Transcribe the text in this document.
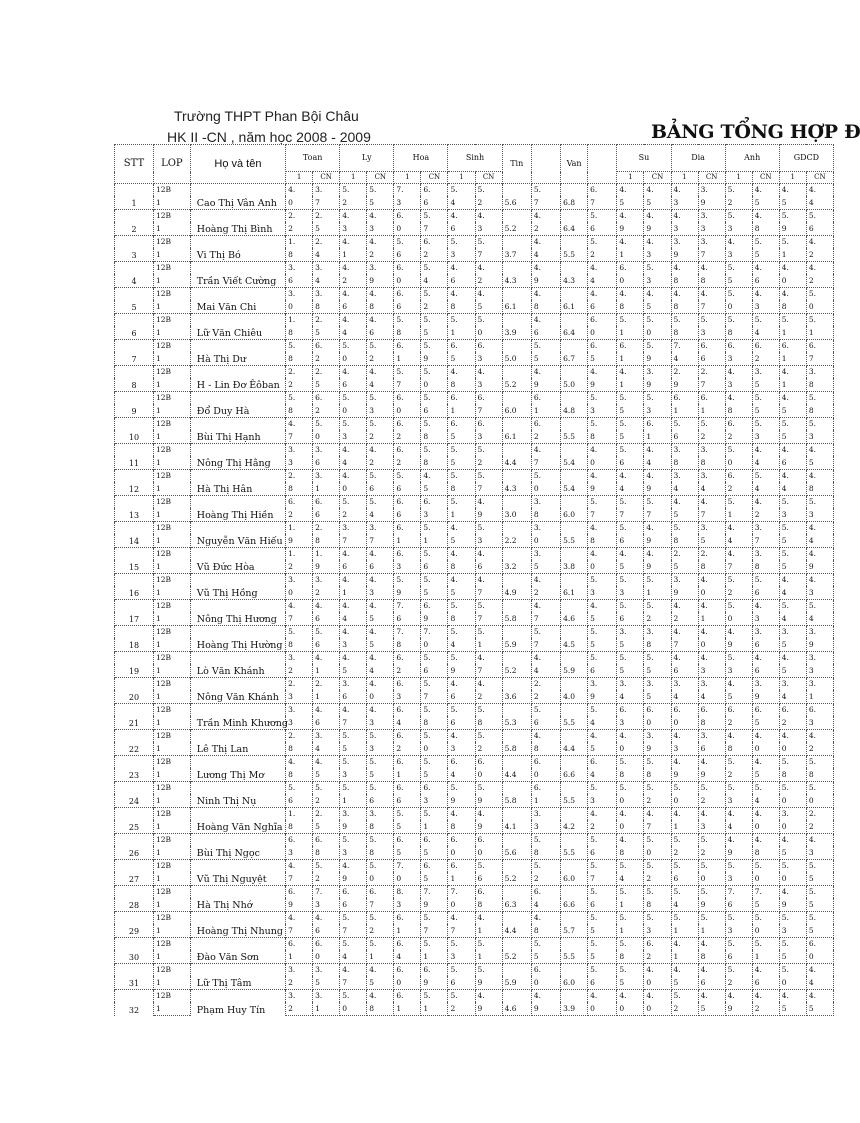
Trường THPT Phan Bội Châu
HK II -CN , năm học 2008 - 2009	BẢNG TỔNG HỢP Đ
STT	LOP	Họ và tên	Toan		Ly		Hoa		Sinh		Tin		Van		Su		Dia		Anh		GDCD	
			1	CN	1	CN	1	CN	1	CN					1	CN	1	CN	1	CN	1	CN
1	12B	Cao Thị Vân Anh	4.	3.	5.	5.	7.	6.	5.	5.		5.		6.	4.	4.	4.	3.	5.	4.	4.	4.
	1		0	7	2	5	3	6	4	2	5.6	7	6.8	7	5	5	3	9	2	5	5	4
2	12B	Hoàng Thị Bình	2.	2.	4.	4.	6.	5.	4.	4.		4.		5.	4.	4.	4.	3.	5.	4.	5.	5.
	1		2	5	3	3	0	7	6	3	5.2	2	6.4	6	9	9	3	3	3	8	9	6
3	12B	Vi Thị Bó	1.	2.	4.	4.	5.	6.	5.	5.		4.		5.	4.	4.	3.	3.	4.	5.	5.	4.
	1		8	4	1	2	6	2	3	7	3.7	4	5.5	2	1	3	9	7	3	5	1	2
4	12B	Trần Viết Cường	3.	3.	4.	3.	6.	5.	4.	4.		4.		4.	6.	5.	4.	4.	5.	4.	4.	4.
	1		6	4	2	9	0	4	6	2	4.3	9	4.3	4	0	3	8	8	5	6	0	2
5	12B	Mai Văn Chi	3.	3.	4.	4.	6.	5.	4.	4.		4.		4.	4.	4.	4.	4.	5.	4.	4.	5.
	1		0	8	6	8	6	2	8	5	6.1	8	6.1	6	8	5	8	7	0	3	8	0
6	12B	Lữ Văn Chiêu	1.	2.	4.	4.	5.	5.	5.	5.		4.		6.	5.	5.	5.	5.	5.	5.	5.	5.
	1		8	5	4	6	8	5	1	0	3.9	6	6.4	0	1	0	8	3	8	4	1	1
7	12B	Hà Thị Dư	5.	6.	5.	5.	6.	5.	6.	6.		5.		6.	6.	5.	7.	6.	6.	6.	6.	6.
	1		8	2	0	2	1	9	5	3	5.0	5	6.7	5	1	9	4	6	3	2	1	7
8	12B	H - Lin Đơ Êôban	2.	2.	4.	4.	5.	5.	4.	4.		4.		4.	4.	3.	2.	2.	4.	3.	4.	3.
	1		2	5	6	4	7	0	8	3	5.2	9	5.0	9	1	9	9	7	3	5	1	8
9	12B	Đổ Duy Hà	5.	6.	5.	5.	6.	5.	6.	6.		6.		5.	5.	5.	6.	6.	4.	5.	4.	5.
	1		8	2	0	3	0	6	1	7	6.0	1	4.8	3	5	3	1	1	8	5	5	8
10	12B	Bùi Thị Hạnh	4.	5.	5.	5.	6.	5.	6.	6.		6.		5.	5.	6.	5.	5.	6.	5.	5.	5.
	1		7	0	3	2	2	8	5	3	6.1	2	5.5	8	5	1	6	2	2	3	5	3
11	12B	Nông Thị Hằng	3.	3.	4.	4.	6.	5.	5.	5.		4.		4.	5.	4.	3.	3.	5.	4.	4.	4.
	1		3	6	4	2	2	8	5	2	4.4	7	5.4	0	6	4	8	8	0	4	6	5
12	12B	Hà Thị Hân	2.	3.	4.	5.	5.	4.	5.	5.		5.		4.	4.	4.	3.	3.	6.	5.	4.	4.
	1		8	1	0	6	6	5	8	7	4.3	0	5.4	9	4	9	4	4	2	4	4	8
13	12B	Hoàng Thị Hiền	6.	6.	5.	5.	6.	6.	5.	4.		3.		5.	5.	5.	4.	4.	5.	4.	5.	5.
	1		2	6	2	4	6	3	1	9	3.0	8	6.0	7	7	7	5	7	1	2	3	3
14	12B	Nguyễn Văn Hiếu	1.	2.	3.	3.	6.	5.	4.	5.		3.		4.	5.	4.	5.	3.	4.	3.	5.	4.
	1		9	8	7	7	1	1	5	3	2.2	0	5.5	8	6	9	8	5	4	7	5	4
15	12B	Vũ Đức Hòa	1.	1.	4.	4.	6.	5.	4.	4.		3.		4.	4.	4.	2.	2.	4.	3.	5.	4.
	1		2	9	6	6	3	6	8	6	3.2	5	3.8	0	5	9	5	8	7	8	5	9
16	12B	Vũ Thị Hồng	3.	3.	4.	4.	5.	5.	4.	4.		4.		5.	5.	5.	3.	4.	5.	5.	4.	4.
	1		0	2	1	3	9	5	5	7	4.9	2	6.1	3	3	1	9	0	2	6	4	3
17	12B	Nông Thị Hương	4.	4.	4.	4.	7.	6.	5.	5.		4.		4.	5.	5.	4.	4.	5.	4.	5.	5.
	1		7	6	4	5	6	9	8	7	5.8	7	4.6	5	6	2	2	1	0	3	4	4
18	12B	Hoàng Thị Hường	5.	5.	4.	4.	7.	7.	5.	5.		5.		5.	3.	3.	4.	4.	4.	3.	3.	3.
	1		8	6	3	5	8	0	4	1	5.9	7	4.5	5	5	8	7	0	9	6	5	9
19	12B	Lò Văn Khánh	3.	4.	4.	4.	6.	5.	5.	4.		4.		5.	5.	5.	4.	4.	5.	4.	4.	3.
	1		2	1	5	4	2	6	9	7	5.2	4	5.9	6	5	5	6	3	3	6	5	3
20	12B	Nông Văn Khánh	2.	2.	3.	4.	6.	5.	4.	4.		2.		3.	3.	3.	3.	3.	4.	3.	3.	3.
	1		3	1	6	0	3	7	6	2	3.6	2	4.0	9	4	5	4	4	5	9	4	1
21	12B	Trần Minh Khương	3.	4.	4.	4.	6.	5.	5.	5.		5.		5.	6.	6.	6.	6.	6.	6.	6.	6.
	1		3	6	7	3	4	8	6	8	5.3	6	5.5	4	3	0	0	8	2	5	2	3
22	12B	Lê Thị Lan	2.	3.	5.	5.	6.	5.	4.	5.		4.		4.	4.	3.	4.	3.	4.	4.	4.	4.
	1		8	4	5	3	2	0	3	2	5.8	8	4.4	5	0	9	3	6	8	0	0	2
23	12B	Lương Thị Mơ	4.	4.	5.	5.	6.	5.	6.	6.		6.		6.	5.	5.	4.	4.	5.	4.	5.	5.
	1		8	5	3	5	1	5	4	0	4.4	0	6.6	4	8	8	9	9	2	5	8	8
24	12B	Ninh Thị Nụ	5.	5.	5.	5.	6.	6.	5.	5.		6.		5.	5.	5.	5.	5.	5.	5.	5.	5.
	1		6	2	1	6	6	3	9	9	5.8	1	5.5	3	0	2	0	2	3	4	0	0
25	12B	Hoàng Văn Nghĩa	1.	2.	3.	3.	5.	5.	4.	4.		3.		4.	4.	4.	4.	4.	4.	4.	3.	2.
	1		8	5	9	8	5	1	8	9	4.1	3	4.2	2	0	7	1	3	4	0	0	2
26	12B	Bùi Thị Ngọc	6.	6.	5.	5.	6.	6.	6.	6.		5.		5.	4.	5.	5.	5.	4.	4.	4.	4.
	1		3	8	3	8	5	5	0	0	5.6	8	5.5	6	8	0	2	2	9	8	5	3
27	12B	Vũ Thị Nguyệt	4.	5.	4.	5.	7.	6.	6.	5.		5.		5.	5.	5.	5.	5.	5.	5.	5.	5.
	1		7	2	9	0	0	5	1	6	5.2	2	6.0	7	4	2	6	0	3	0	0	5
28	12B	Hà Thị Nhớ	6.	7.	6.	6.	8.	7.	7.	6.		6.		5.	5.	5.	5.	5.	7.	7.	4.	5.
	1		9	3	6	7	3	9	0	8	6.3	4	6.6	6	1	8	4	9	6	5	9	5
29	12B	Hoàng Thị Nhung	4.	4.	5.	5.	6.	5.	4.	4.		4.		5.	5.	5.	5.	5.	5.	5.	5.	5.
	1		7	6	7	2	1	7	7	1	4.4	8	5.7	5	1	3	1	1	3	0	3	5
30	12B	Đào Văn Sơn	6.	6.	5.	5.	6.	5.	5.	5.		5.		5.	5.	6.	4.	4.	5.	5.	5.	6.
	1		1	0	4	1	4	1	3	1	5.2	5	5.5	5	8	2	1	8	6	1	5	0
31	12B	Lữ Thị Tâm	3.	3.	4.	4.	6.	6.	5.	5.		6.		5.	5.	4.	4.	4.	5.	4.	5.	4.
	1		2	5	7	5	0	9	6	9	5.9	0	6.0	6	5	0	5	6	2	6	0	4
32	12B	Phạm Huy Tín	3.	3.	5.	4.	6.	5.	5.	4.		4.		4.	4.	4.	5.	4.	4.	4.	4.	4.
	1		2	1	0	8	1	1	2	9	4.6	9	3.9	0	0	0	2	5	9	2	5	5
